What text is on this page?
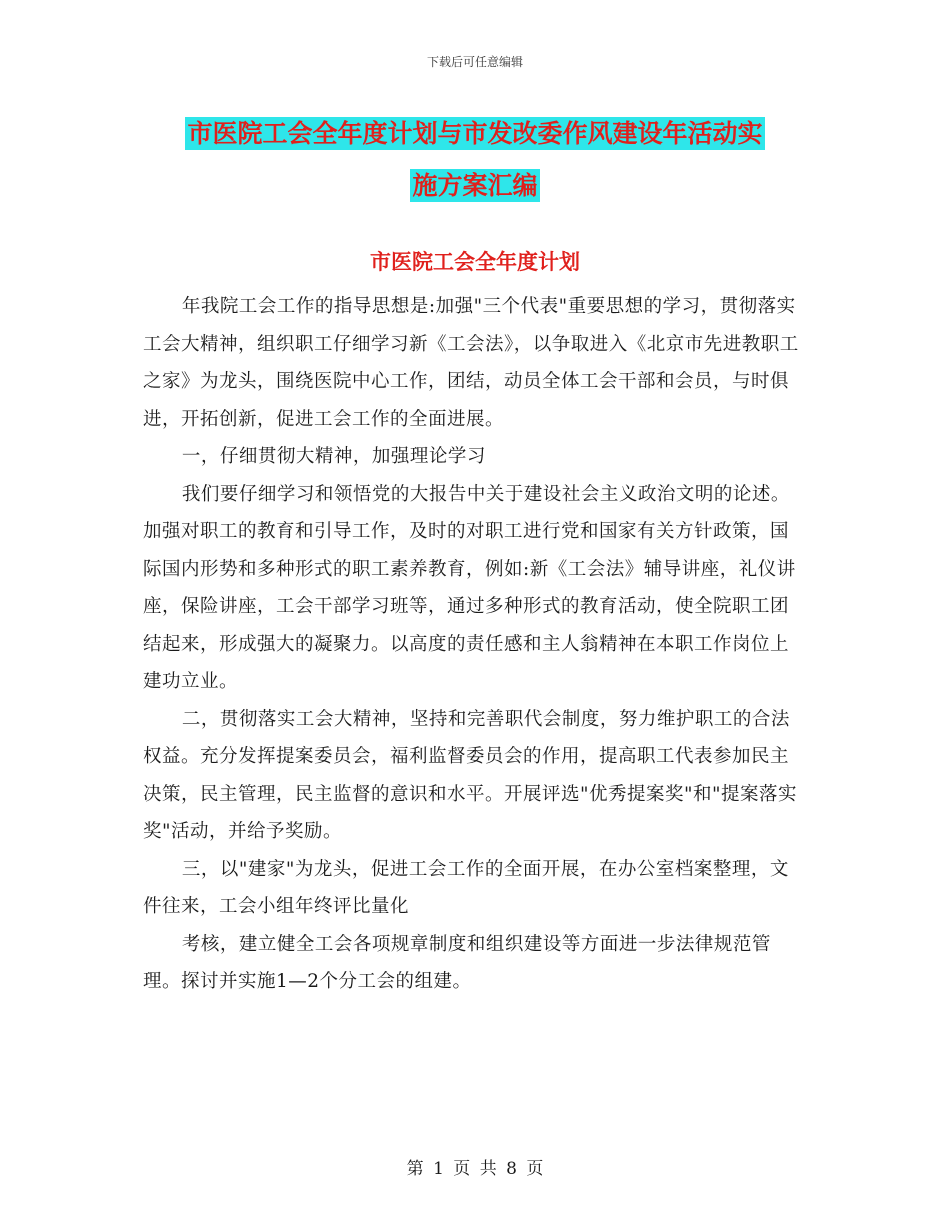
下载后可任意编辑
市医院工会全年度计划与市发改委作风建设年活动实
施方案汇编
市医院工会全年度计划

年我院工会工作的指导思想是:加强"三个代表"重要思想的学习，贯彻落实工会大精神，组织职工仔细学习新《工会法》，以争取进入《北京市先进教职工之家》为龙头，围绕医院中心工作，团结，动员全体工会干部和会员，与时俱进，开拓创新，促进工会工作的全面进展。

一，仔细贯彻大精神，加强理论学习

我们要仔细学习和领悟党的大报告中关于建设社会主义政治文明的论述。加强对职工的教育和引导工作，及时的对职工进行党和国家有关方针政策，国际国内形势和多种形式的职工素养教育，例如:新《工会法》辅导讲座，礼仪讲座，保险讲座，工会干部学习班等，通过多种形式的教育活动，使全院职工团结起来，形成强大的凝聚力。以高度的责任感和主人翁精神在本职工作岗位上建功立业。

二，贯彻落实工会大精神，坚持和完善职代会制度，努力维护职工的合法权益。充分发挥提案委员会，福利监督委员会的作用，提高职工代表参加民主决策，民主管理，民主监督的意识和水平。开展评选"优秀提案奖"和"提案落实奖"活动，并给予奖励。

三，以"建家"为龙头，促进工会工作的全面开展，在办公室档案整理，文件往来，工会小组年终评比量化

考核，建立健全工会各项规章制度和组织建设等方面进一步法律规范管理。探讨并实施1—2个分工会的组建。

第 1 页 共 8 页
